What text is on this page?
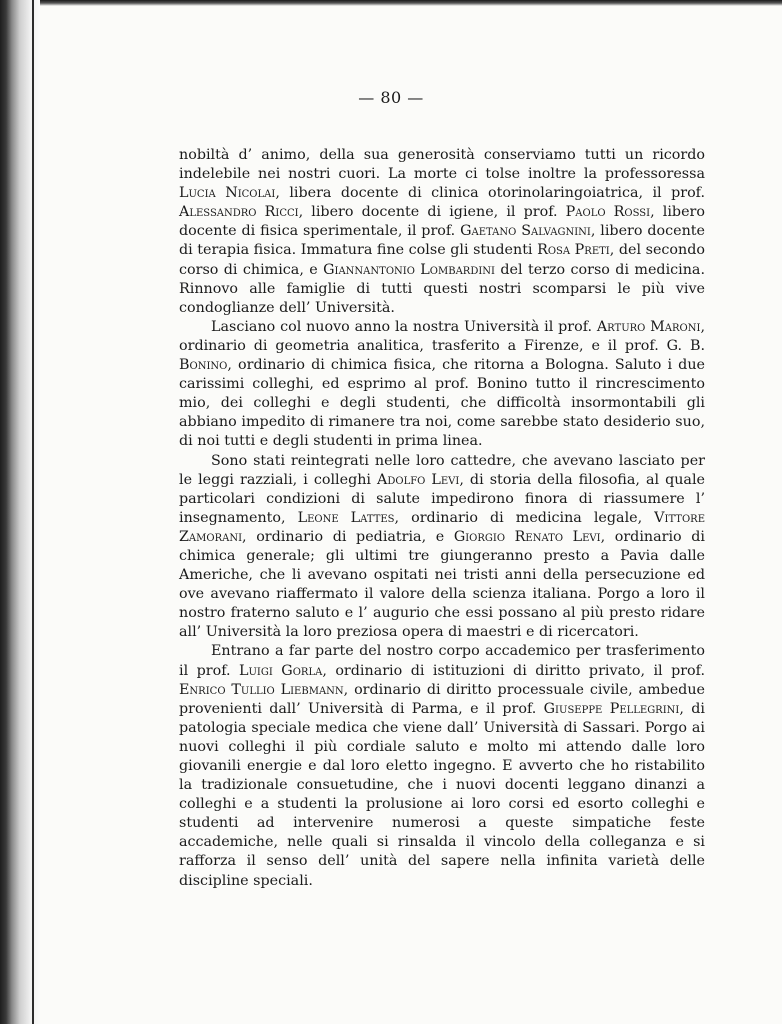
— 80 —

nobiltà d’ animo, della sua generosità conserviamo tutti un ricordo indelebile nei nostri cuori. La morte ci tolse inoltre la professoressa Lucia Nicolai, libera docente di clinica otorinolaringoiatrica, il prof. Alessandro Ricci, libero docente di igiene, il prof. Paolo Rossi, libero docente di fisica sperimentale, il prof. Gaetano Salvagnini, libero docente di terapia fisica. Immatura fine colse gli studenti Rosa Preti, del secondo corso di chimica, e Giannantonio Lombardini del terzo corso di medicina. Rinnovo alle famiglie di tutti questi nostri scomparsi le più vive condoglianze dell’ Università.

Lasciano col nuovo anno la nostra Università il prof. Arturo Maroni, ordinario di geometria analitica, trasferito a Firenze, e il prof. G. B. Bonino, ordinario di chimica fisica, che ritorna a Bologna. Saluto i due carissimi colleghi, ed esprimo al prof. Bonino tutto il rincrescimento mio, dei colleghi e degli studenti, che difficoltà insormontabili gli abbiano impedito di rimanere tra noi, come sarebbe stato desiderio suo, di noi tutti e degli studenti in prima linea.

Sono stati reintegrati nelle loro cattedre, che avevano lasciato per le leggi razziali, i colleghi Adolfo Levi, di storia della filosofia, al quale particolari condizioni di salute impedirono finora di riassumere l’ insegnamento, Leone Lattes, ordinario di medicina legale, Vittore Zamorani, ordinario di pediatria, e Giorgio Renato Levi, ordinario di chimica generale; gli ultimi tre giungeranno presto a Pavia dalle Americhe, che li avevano ospitati nei tristi anni della persecuzione ed ove avevano riaffermato il valore della scienza italiana. Porgo a loro il nostro fraterno saluto e l’ augurio che essi possano al più presto ridare all’ Università la loro preziosa opera di maestri e di ricercatori.

Entrano a far parte del nostro corpo accademico per trasferimento il prof. Luigi Gorla, ordinario di istituzioni di diritto privato, il prof. Enrico Tullio Liebmann, ordinario di diritto processuale civile, ambedue provenienti dall’ Università di Parma, e il prof. Giuseppe Pellegrini, di patologia speciale medica che viene dall’ Università di Sassari. Porgo ai nuovi colleghi il più cordiale saluto e molto mi attendo dalle loro giovanili energie e dal loro eletto ingegno. E avverto che ho ristabilito la tradizionale consuetudine, che i nuovi docenti leggano dinanzi a colleghi e a studenti la prolusione ai loro corsi ed esorto colleghi e studenti ad intervenire numerosi a queste simpatiche feste accademiche, nelle quali si rinsalda il vincolo della colleganza e si rafforza il senso dell’ unità del sapere nella infinita varietà delle discipline speciali.
